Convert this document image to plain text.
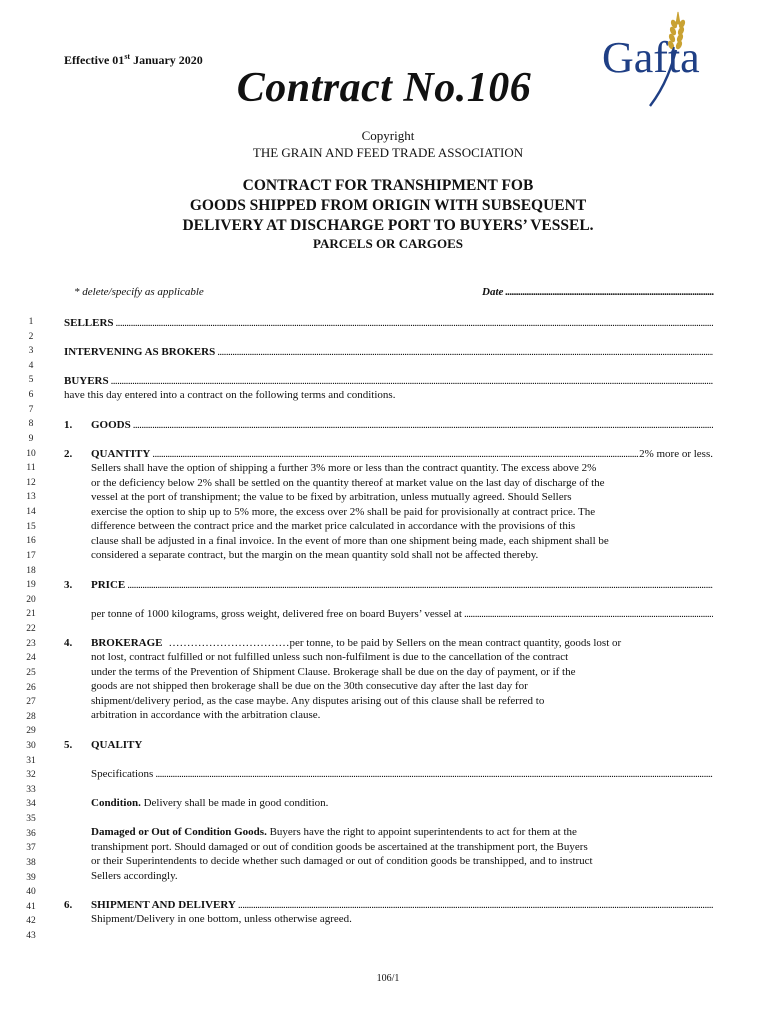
Effective 01st January 2020
Contract No.106
Gafta
Copyright
THE GRAIN AND FEED TRADE ASSOCIATION
CONTRACT FOR TRANSHIPMENT FOB
GOODS SHIPPED FROM ORIGIN WITH SUBSEQUENT
DELIVERY AT DISCHARGE PORT TO BUYERS’ VESSEL.
PARCELS OR CARGOES
* delete/specify as applicable	Date
.....
1
2
3
4
5
6
7
8
9
10
11
12
13
14
15
16
17
18
19
20
21
22
23
24
25
26
27
28
29
30
31
32
33
34
35
36
37
38
39
40
41
42
43
SELLERS
.....
INTERVENING AS BROKERS
.....
BUYERS
.....
have this day entered into a contract on the following terms and conditions.
1.	GOODS
.....
2.	QUANTITY
.....	2% more or less.
Sellers shall have the option of shipping a further 3% more or less than the contract quantity. The excess above 2%
or the deficiency below 2% shall be settled on the quantity thereof at market value on the last day of discharge of the
vessel at the port of transhipment; the value to be fixed by arbitration, unless mutually agreed. Should Sellers
exercise the option to ship up to 5% more, the excess over 2% shall be paid for provisionally at contract price. The
difference between the contract price and the market price calculated in accordance with the provisions of this
clause shall be adjusted in a final invoice. In the event of more than one shipment being made, each shipment shall be
considered a separate contract, but the margin on the mean quantity sold shall not be affected thereby.
3.	PRICE
.....
per tonne of 1000 kilograms, gross weight, delivered free on board Buyers’ vessel at
.....
4.	BROKERAGE …………………………… per tonne, to be paid by Sellers on the mean contract quantity, goods lost or
not lost, contract fulfilled or not fulfilled unless such non-fulfilment is due to the cancellation of the contract
under the terms of the Prevention of Shipment Clause. Brokerage shall be due on the day of payment, or if the
goods are not shipped then brokerage shall be due on the 30th consecutive day after the last day for
shipment/delivery period, as the case maybe. Any disputes arising out of this clause shall be referred to
arbitration in accordance with the arbitration clause.
5. QUALITY
Specifications
.....
Condition. Delivery shall be made in good condition.
Damaged or Out of Condition Goods. Buyers have the right to appoint superintendents to act for them at the
transhipment port. Should damaged or out of condition goods be ascertained at the transhipment port, the Buyers
or their Superintendents to decide whether such damaged or out of condition goods be transhipped, and to instruct
Sellers accordingly.
6.	SHIPMENT AND DELIVERY
.....
Shipment/Delivery in one bottom, unless otherwise agreed.
106/1
